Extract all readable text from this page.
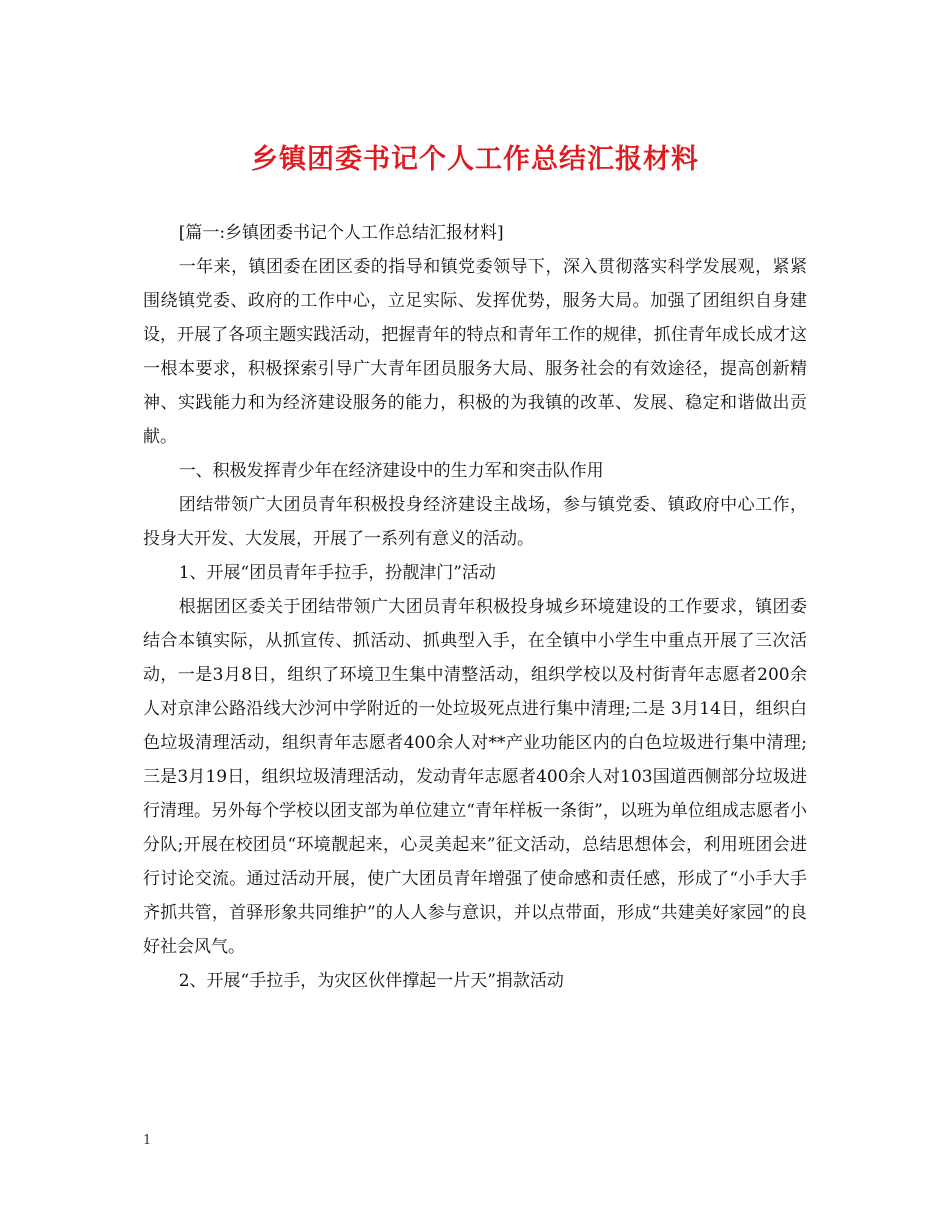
乡镇团委书记个人工作总结汇报材料

[篇一:乡镇团委书记个人工作总结汇报材料]

一年来，镇团委在团区委的指导和镇党委领导下，深入贯彻落实科学发展观，紧紧围绕镇党委、政府的工作中心，立足实际、发挥优势，服务大局。加强了团组织自身建设，开展了各项主题实践活动，把握青年的特点和青年工作的规律，抓住青年成长成才这一根本要求，积极探索引导广大青年团员服务大局、服务社会的有效途径，提高创新精神、实践能力和为经济建设服务的能力，积极的为我镇的改革、发展、稳定和谐做出贡献。

一、积极发挥青少年在经济建设中的生力军和突击队作用

团结带领广大团员青年积极投身经济建设主战场，参与镇党委、镇政府中心工作，投身大开发、大发展，开展了一系列有意义的活动。

1、开展“团员青年手拉手，扮靓津门”活动

根据团区委关于团结带领广大团员青年积极投身城乡环境建设的工作要求，镇团委结合本镇实际，从抓宣传、抓活动、抓典型入手，在全镇中小学生中重点开展了三次活动，一是3月8日，组织了环境卫生集中清整活动，组织学校以及村街青年志愿者200余人对京津公路沿线大沙河中学附近的一处垃圾死点进行集中清理;二是 3月14日，组织白色垃圾清理活动，组织青年志愿者400余人对**产业功能区内的白色垃圾进行集中清理;三是3月19日，组织垃圾清理活动，发动青年志愿者400余人对103国道西侧部分垃圾进行清理。另外每个学校以团支部为单位建立“青年样板一条街”，以班为单位组成志愿者小分队;开展在校团员“环境靓起来，心灵美起来”征文活动，总结思想体会，利用班团会进行讨论交流。通过活动开展，使广大团员青年增强了使命感和责任感，形成了“小手大手齐抓共管，首驿形象共同维护”的人人参与意识，并以点带面，形成“共建美好家园”的良好社会风气。

2、开展“手拉手，为灾区伙伴撑起一片天”捐款活动

1
